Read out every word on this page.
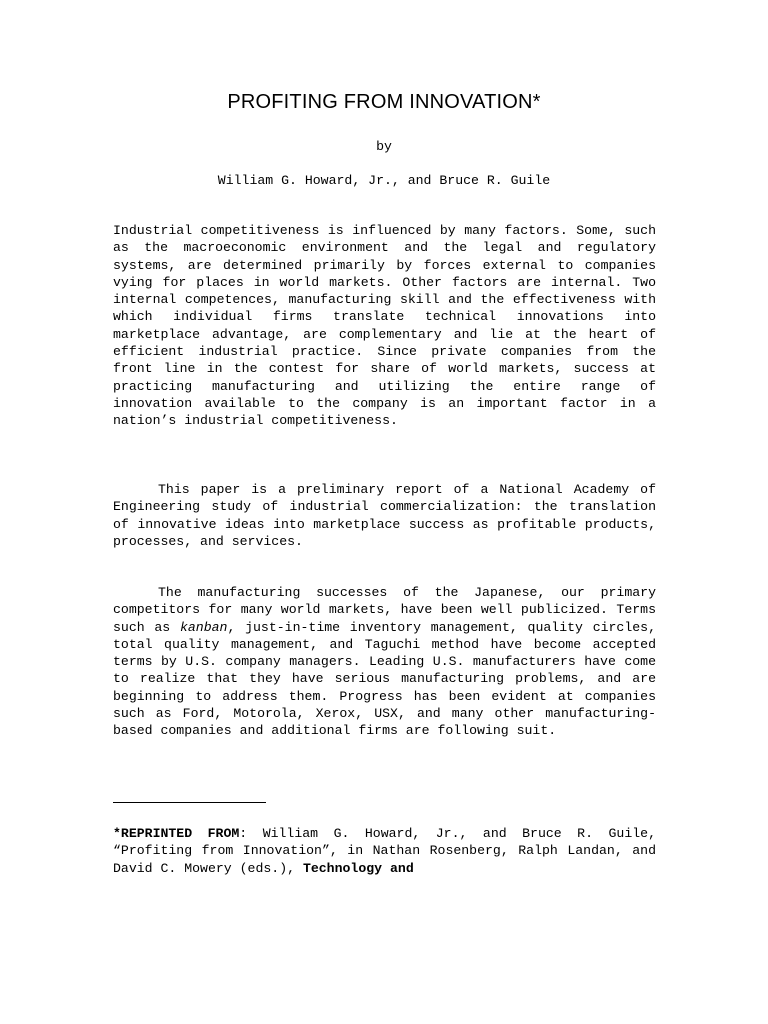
PROFITING FROM INNOVATION*
by
William G. Howard, Jr., and Bruce R. Guile

Industrial competitiveness is influenced by many factors. Some, such as the macroeconomic environment and the legal and regulatory systems, are determined primarily by forces external to companies vying for places in world markets. Other factors are internal. Two internal competences, manufacturing skill and the effectiveness with which individual firms translate technical innovations into marketplace advantage, are complementary and lie at the heart of efficient industrial practice. Since private companies from the front line in the contest for share of world markets, success at practicing manufacturing and utilizing the entire range of innovation available to the company is an important factor in a nation’s industrial competitiveness.

This paper is a preliminary report of a National Academy of Engineering study of industrial commercialization: the translation of innovative ideas into marketplace success as profitable products, processes, and services.

The manufacturing successes of the Japanese, our primary competitors for many world markets, have been well publicized. Terms such as kanban, just-in-time inventory management, quality circles, total quality management, and Taguchi method have become accepted terms by U.S. company managers. Leading U.S. manufacturers have come to realize that they have serious manufacturing problems, and are beginning to address them. Progress has been evident at companies such as Ford, Motorola, Xerox, USX, and many other manufacturing-based companies and additional firms are following suit.

*REPRINTED FROM: William G. Howard, Jr., and Bruce R. Guile, “Profiting from Innovation”, in Nathan Rosenberg, Ralph Landan, and David C. Mowery (eds.), Technology and
